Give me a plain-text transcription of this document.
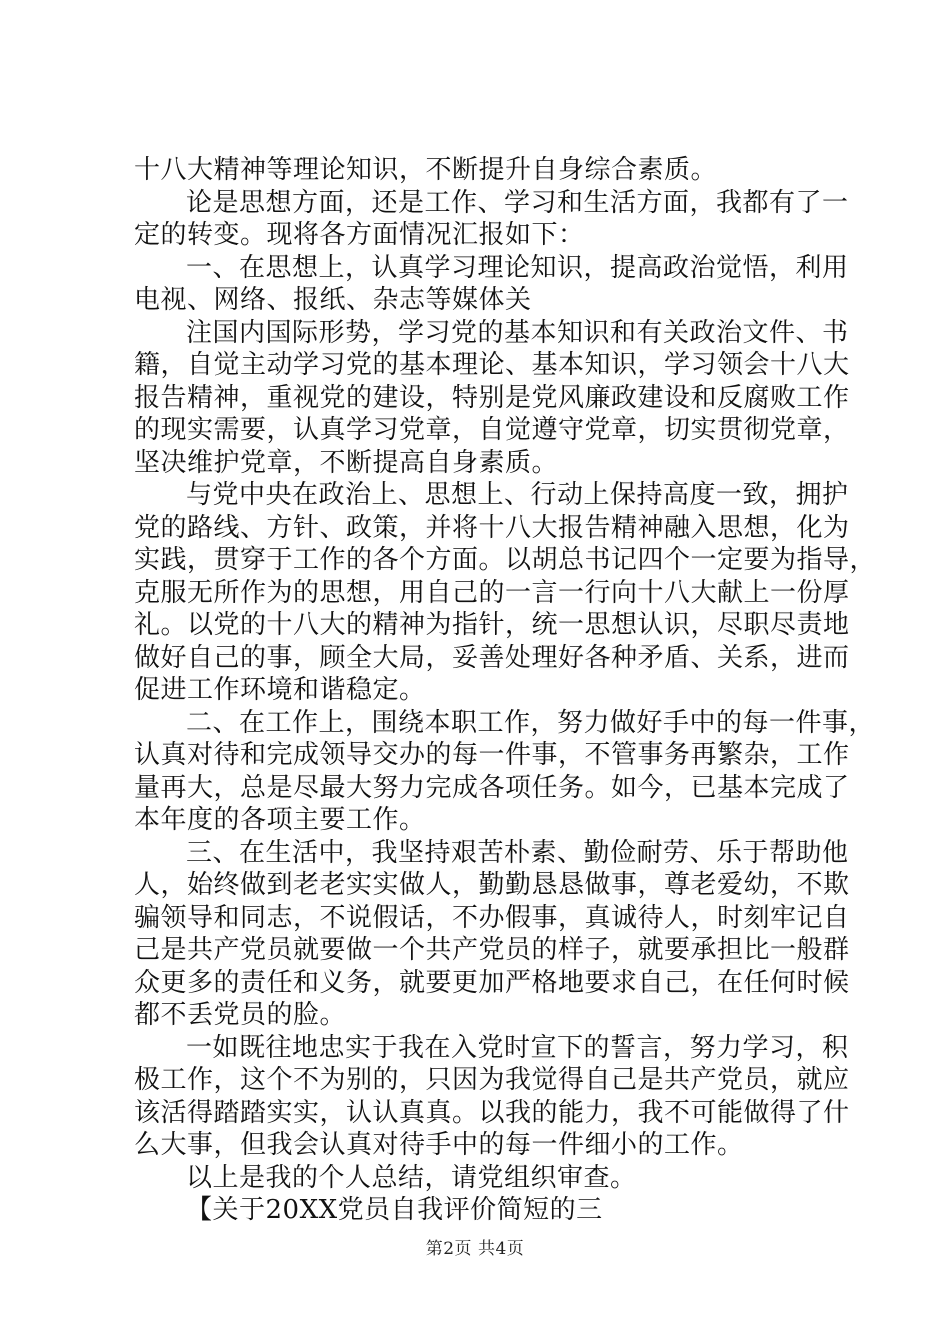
十八大精神等理论知识，不断提升自身综合素质。
论是思想方面，还是工作、学习和生活方面，我都有了一
定的转变。现将各方面情况汇报如下：
一、在思想上，认真学习理论知识，提高政治觉悟，利用
电视、网络、报纸、杂志等媒体关
注国内国际形势，学习党的基本知识和有关政治文件、书
籍，自觉主动学习党的基本理论、基本知识，学习领会十八大
报告精神，重视党的建设，特别是党风廉政建设和反腐败工作
的现实需要，认真学习党章，自觉遵守党章，切实贯彻党章，
坚决维护党章，不断提高自身素质。
与党中央在政治上、思想上、行动上保持高度一致，拥护
党的路线、方针、政策，并将十八大报告精神融入思想，化为
实践，贯穿于工作的各个方面。以胡总书记四个一定要为指导，
克服无所作为的思想，用自己的一言一行向十八大献上一份厚
礼。以党的十八大的精神为指针，统一思想认识，尽职尽责地
做好自己的事，顾全大局，妥善处理好各种矛盾、关系，进而
促进工作环境和谐稳定。
二、在工作上，围绕本职工作，努力做好手中的每一件事，
认真对待和完成领导交办的每一件事，不管事务再繁杂，工作
量再大，总是尽最大努力完成各项任务。如今，已基本完成了
本年度的各项主要工作。
三、在生活中，我坚持艰苦朴素、勤俭耐劳、乐于帮助他
人，始终做到老老实实做人，勤勤恳恳做事，尊老爱幼，不欺
骗领导和同志，不说假话，不办假事，真诚待人，时刻牢记自
己是共产党员就要做一个共产党员的样子，就要承担比一般群
众更多的责任和义务，就要更加严格地要求自己，在任何时候
都不丢党员的脸。
一如既往地忠实于我在入党时宣下的誓言，努力学习，积
极工作，这个不为别的，只因为我觉得自己是共产党员，就应
该活得踏踏实实，认认真真。以我的能力，我不可能做得了什
么大事，但我会认真对待手中的每一件细小的工作。
以上是我的个人总结，请党组织审查。
【关于20XX党员自我评价简短的三
第2页 共4页
